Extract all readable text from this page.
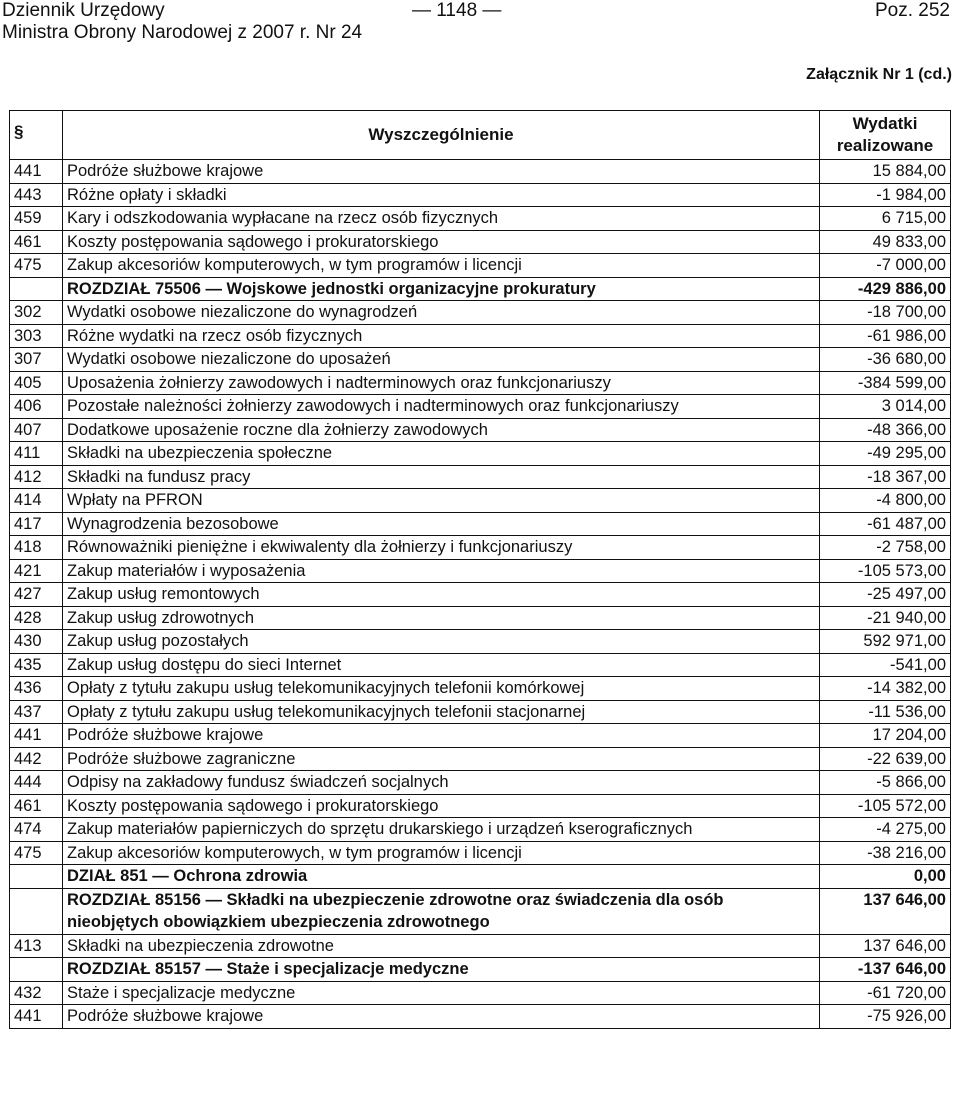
Dziennik Urzędowy
Ministra Obrony Narodowej z 2007 r. Nr 24
— 1148 —	Poz. 252
Załącznik Nr 1 (cd.)
§	Wyszczególnienie	Wydatki
realizowane

441	Podróże służbowe krajowe	15 884,00
443	Różne opłaty i składki	-1 984,00
459	Kary i odszkodowania wypłacane na rzecz osób fizycznych	6 715,00
461	Koszty postępowania sądowego i prokuratorskiego	49 833,00
475	Zakup akcesoriów komputerowych, w tym programów i licencji	-7 000,00
	ROZDZIAŁ 75506 — Wojskowe jednostki organizacyjne prokuratury	-429 886,00
302	Wydatki osobowe niezaliczone do wynagrodzeń	-18 700,00
303	Różne wydatki na rzecz osób fizycznych	-61 986,00
307	Wydatki osobowe niezaliczone do uposażeń	-36 680,00
405	Uposażenia żołnierzy zawodowych i nadterminowych oraz funkcjonariuszy	-384 599,00
406	Pozostałe należności żołnierzy zawodowych i nadterminowych oraz funkcjonariuszy	3 014,00
407	Dodatkowe uposażenie roczne dla żołnierzy zawodowych	-48 366,00
411	Składki na ubezpieczenia społeczne	-49 295,00
412	Składki na fundusz pracy	-18 367,00
414	Wpłaty na PFRON	-4 800,00
417	Wynagrodzenia bezosobowe	-61 487,00
418	Równoważniki pieniężne i ekwiwalenty dla żołnierzy i funkcjonariuszy	-2 758,00
421	Zakup materiałów i wyposażenia	-105 573,00
427	Zakup usług remontowych	-25 497,00
428	Zakup usług zdrowotnych	-21 940,00
430	Zakup usług pozostałych	592 971,00
435	Zakup usług dostępu do sieci Internet	-541,00
436	Opłaty z tytułu zakupu usług telekomunikacyjnych telefonii komórkowej	-14 382,00
437	Opłaty z tytułu zakupu usług telekomunikacyjnych telefonii stacjonarnej	-11 536,00
441	Podróże służbowe krajowe	17 204,00
442	Podróże służbowe zagraniczne	-22 639,00
444	Odpisy na zakładowy fundusz świadczeń socjalnych	-5 866,00
461	Koszty postępowania sądowego i prokuratorskiego	-105 572,00
474	Zakup materiałów papierniczych do sprzętu drukarskiego i urządzeń kserograficznych	-4 275,00
475	Zakup akcesoriów komputerowych, w tym programów i licencji	-38 216,00
	DZIAŁ 851 — Ochrona zdrowia	0,00
	ROZDZIAŁ 85156 — Składki na ubezpieczenie zdrowotne oraz świadczenia dla osób nieobjętych obowiązkiem ubezpieczenia zdrowotnego	137 646,00
413	Składki na ubezpieczenia zdrowotne	137 646,00
	ROZDZIAŁ 85157 — Staże i specjalizacje medyczne	-137 646,00
432	Staże i specjalizacje medyczne	-61 720,00
441	Podróże służbowe krajowe	-75 926,00
